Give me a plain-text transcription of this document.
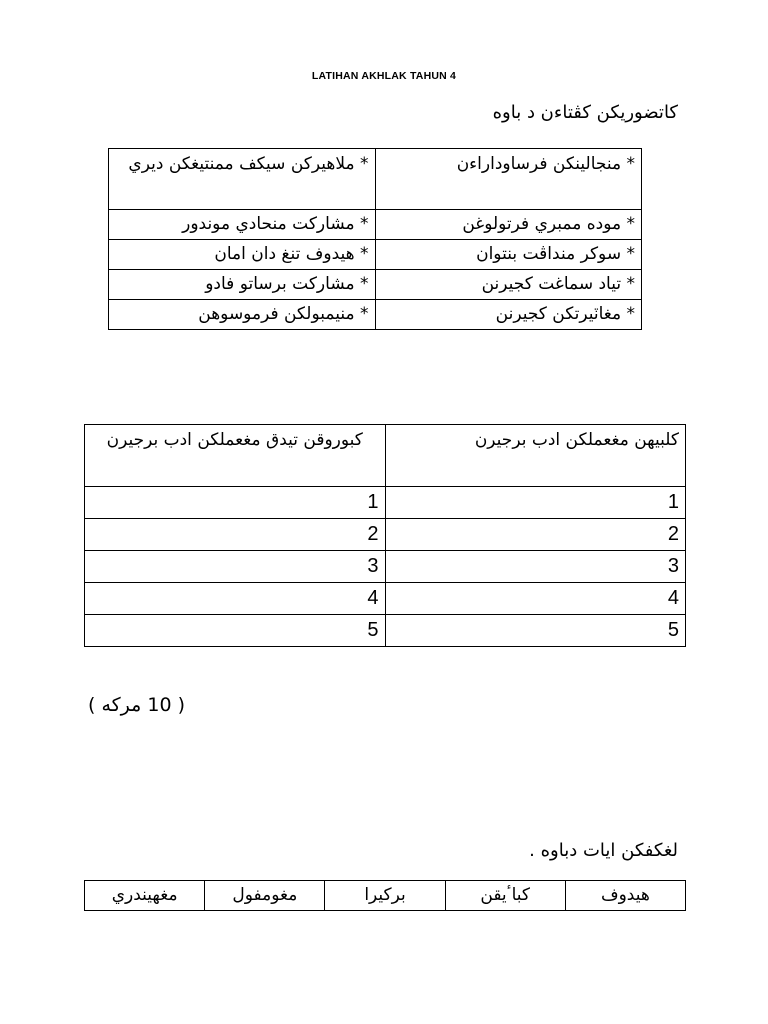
LATIHAN AKHLAK TAHUN 4
كاتضوريكن كڤتاءن د باوه
* منجالينكن فرساوداراءن	* ملاهيركن سيكف ممنتيغكن ديري
* موده ممبري فرتولوغن	* مشاركت منحادي موندور
* سوكر منداڤت بنتوان	* هيدوف تنغ دان امان
* تياد سماغت كجيرنن	* مشاركت برساتو فادو
* مغاٽيرتكن كجيرنن	* منيمبولكن فرموسوهن
كلبيهن مغعملكن ادب برجيرن	كبوروقن تيدق مغعملكن ادب برجيرن
1	1
2	2
3	3
4	4
5	5
( 10 مركه )
لغكفكن ايات دباوه .
هيدوف	كباٴيقن	بركيرا	مغومفول	مغهيندري
